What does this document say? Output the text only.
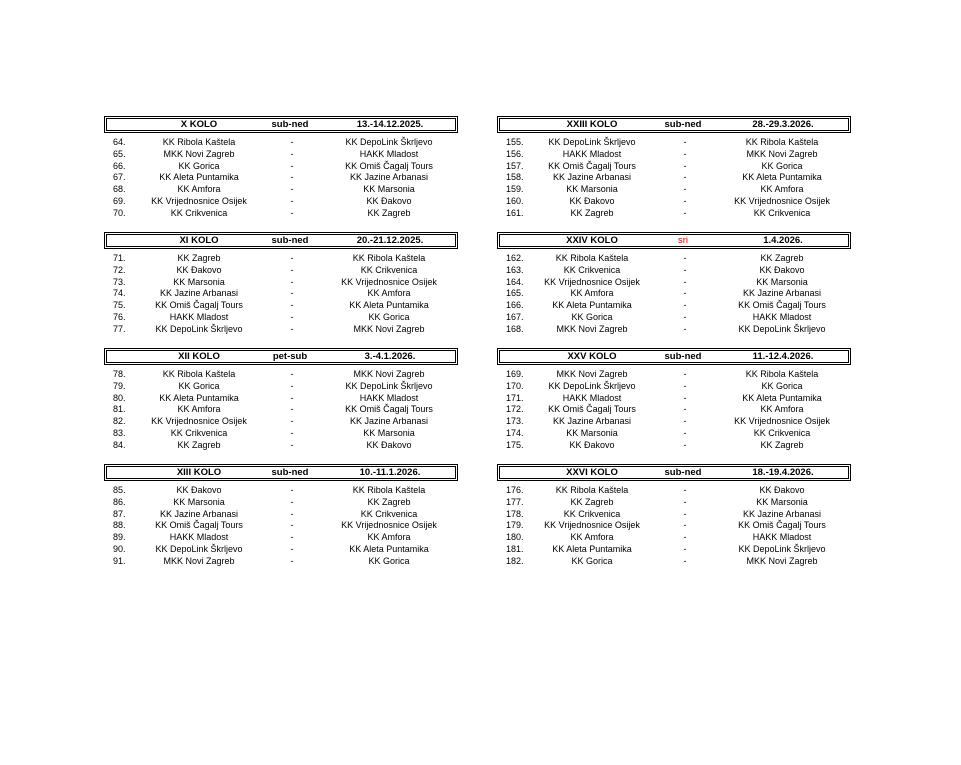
X KOLO	sub-ned	13.-14.12.2025.
64.	KK Ribola Kaštela	-	KK DepoLink Škrljevo
65.	MKK Novi Zagreb	-	HAKK Mladost
66.	KK Gorica	-	KK Omiš Čagalj Tours
67.	KK Aleta Puntamika	-	KK Jazine Arbanasi
68.	KK Amfora	-	KK Marsonia
69.	KK Vrijednosnice Osijek	-	KK Đakovo
70.	KK Crikvenica	-	KK Zagreb
XI KOLO	sub-ned	20.-21.12.2025.
71.	KK Zagreb	-	KK Ribola Kaštela
72.	KK Đakovo	-	KK Crikvenica
73.	KK Marsonia	-	KK Vrijednosnice Osijek
74.	KK Jazine Arbanasi	-	KK Amfora
75.	KK Omiš Čagalj Tours	-	KK Aleta Puntamika
76.	HAKK Mladost	-	KK Gorica
77.	KK DepoLink Škrljevo	-	MKK Novi Zagreb
XII KOLO	pet-sub	3.-4.1.2026.
78.	KK Ribola Kaštela	-	MKK Novi Zagreb
79.	KK Gorica	-	KK DepoLink Škrljevo
80.	KK Aleta Puntamika	-	HAKK Mladost
81.	KK Amfora	-	KK Omiš Čagalj Tours
82.	KK Vrijednosnice Osijek	-	KK Jazine Arbanasi
83.	KK Crikvenica	-	KK Marsonia
84.	KK Zagreb	-	KK Đakovo
XIII KOLO	sub-ned	10.-11.1.2026.
85.	KK Đakovo	-	KK Ribola Kaštela
86.	KK Marsonia	-	KK Zagreb
87.	KK Jazine Arbanasi	-	KK Crikvenica
88.	KK Omiš Čagalj Tours	-	KK Vrijednosnice Osijek
89.	HAKK Mladost	-	KK Amfora
90.	KK DepoLink Škrljevo	-	KK Aleta Puntamika
91.	MKK Novi Zagreb	-	KK Gorica
XXIII KOLO	sub-ned	28.-29.3.2026.
155.	KK DepoLink Škrljevo	-	KK Ribola Kaštela
156.	HAKK Mladost	-	MKK Novi Zagreb
157.	KK Omiš Čagalj Tours	-	KK Gorica
158.	KK Jazine Arbanasi	-	KK Aleta Puntamika
159.	KK Marsonia	-	KK Amfora
160.	KK Đakovo	-	KK Vrijednosnice Osijek
161.	KK Zagreb	-	KK Crikvenica
XXIV KOLO	sri	1.4.2026.
162.	KK Ribola Kaštela	-	KK Zagreb
163.	KK Crikvenica	-	KK Đakovo
164.	KK Vrijednosnice Osijek	-	KK Marsonia
165.	KK Amfora	-	KK Jazine Arbanasi
166.	KK Aleta Puntamika	-	KK Omiš Čagalj Tours
167.	KK Gorica	-	HAKK Mladost
168.	MKK Novi Zagreb	-	KK DepoLink Škrljevo
XXV KOLO	sub-ned	11.-12.4.2026.
169.	MKK Novi Zagreb	-	KK Ribola Kaštela
170.	KK DepoLink Škrljevo	-	KK Gorica
171.	HAKK Mladost	-	KK Aleta Puntamika
172.	KK Omiš Čagalj Tours	-	KK Amfora
173.	KK Jazine Arbanasi	-	KK Vrijednosnice Osijek
174.	KK Marsonia	-	KK Crikvenica
175.	KK Đakovo	-	KK Zagreb
XXVI KOLO	sub-ned	18.-19.4.2026.
176.	KK Ribola Kaštela	-	KK Đakovo
177.	KK Zagreb	-	KK Marsonia
178.	KK Crikvenica	-	KK Jazine Arbanasi
179.	KK Vrijednosnice Osijek	-	KK Omiš Čagalj Tours
180.	KK Amfora	-	HAKK Mladost
181.	KK Aleta Puntamika	-	KK DepoLink Škrljevo
182.	KK Gorica	-	MKK Novi Zagreb
